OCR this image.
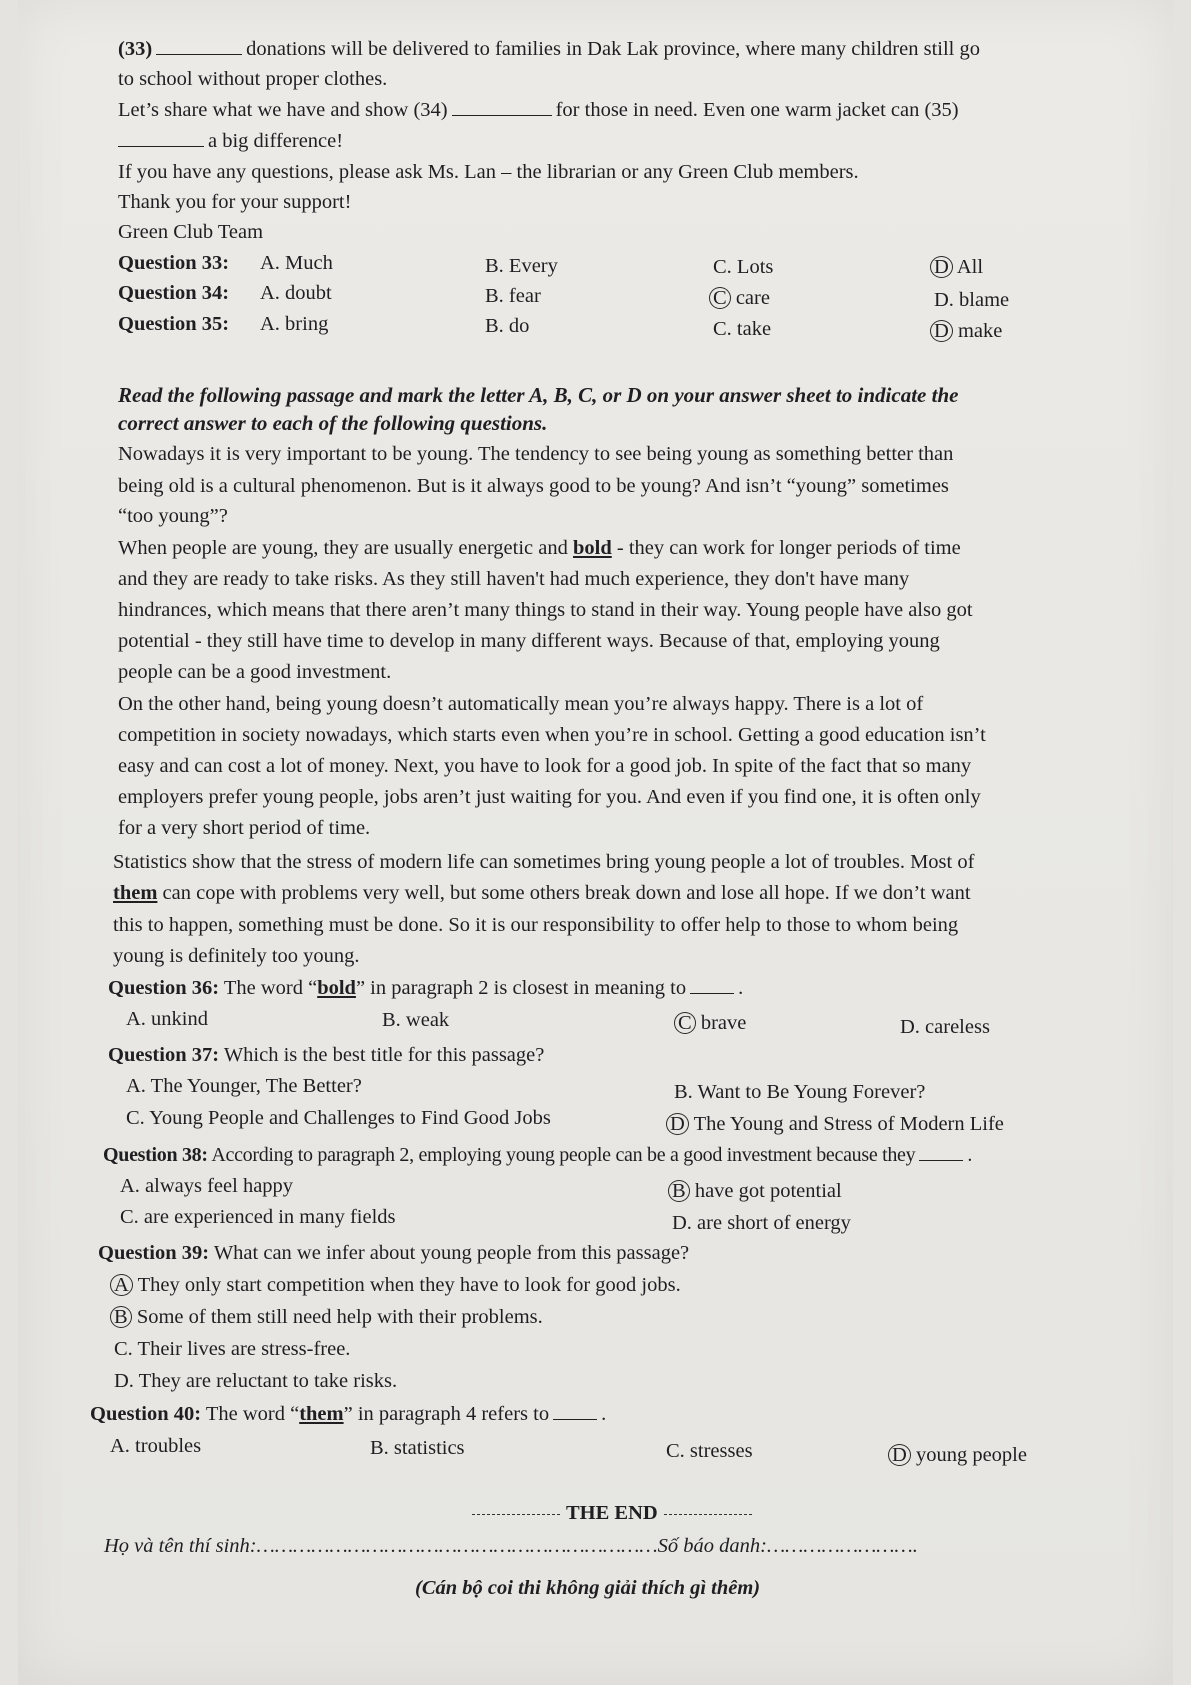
(33)	donations will be delivered to families in Dak Lak province, where many children still go
to school without proper clothes.
Let’s share what we have and show (34)	for those in need. Even one warm jacket can (35)
a big difference!
If you have any questions, please ask Ms. Lan – the librarian or any Green Club members.
Thank you for your support!
Green Club Team
Question 33: A. Much	B. Every	C. Lots	D All
Question 34: A. doubt	B. fear	C care	D. blame
Question 35: A. bring	B. do	C. take	D make
Read the following passage and mark the letter A, B, C, or D on your answer sheet to indicate the
correct answer to each of the following questions.
Nowadays it is very important to be young. The tendency to see being young as something better than
being old is a cultural phenomenon. But is it always good to be young? And isn’t “young” sometimes
“too young”?
When people are young, they are usually energetic and bold - they can work for longer periods of time
and they are ready to take risks. As they still haven't had much experience, they don't have many
hindrances, which means that there aren’t many things to stand in their way. Young people have also got
potential - they still have time to develop in many different ways. Because of that, employing young
people can be a good investment.
On the other hand, being young doesn’t automatically mean you’re always happy. There is a lot of
competition in society nowadays, which starts even when you’re in school. Getting a good education isn’t
easy and can cost a lot of money. Next, you have to look for a good job. In spite of the fact that so many
employers prefer young people, jobs aren’t just waiting for you. And even if you find one, it is often only
for a very short period of time.
Statistics show that the stress of modern life can sometimes bring young people a lot of troubles. Most of
them can cope with problems very well, but some others break down and lose all hope. If we don’t want
this to happen, something must be done. So it is our responsibility to offer help to those to whom being
young is definitely too young.
Question 36: The word “bold” in paragraph 2 is closest in meaning to	.
A. unkind	B. weak	C brave	D. careless
Question 37: Which is the best title for this passage?
A. The Younger, The Better?	B. Want to Be Young Forever?
C. Young People and Challenges to Find Good Jobs	D The Young and Stress of Modern Life
Question 38: According to paragraph 2, employing young people can be a good investment because they	.
A. always feel happy	B have got potential
C. are experienced in many fields	D. are short of energy
Question 39: What can we infer about young people from this passage?
A They only start competition when they have to look for good jobs.
B Some of them still need help with their problems.
C. Their lives are stress-free.
D. They are reluctant to take risks.
Question 40: The word “them” in paragraph 4 refers to	.
A. troubles	B. statistics	C. stresses	D young people
THE END
Họ và tên thí sinh:…………………………………………………………Số báo danh:…………………….
(Cán bộ coi thi không giải thích gì thêm)
